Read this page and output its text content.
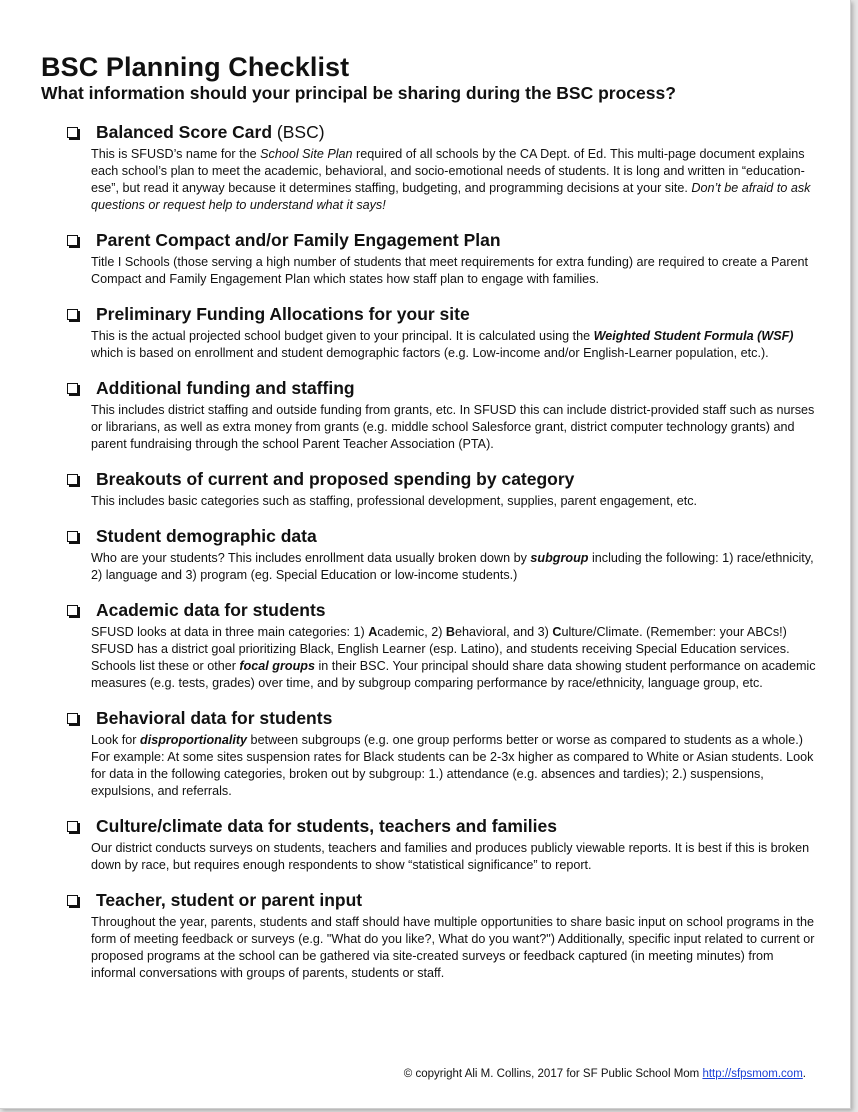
BSC Planning Checklist
What information should your principal be sharing during the BSC process?
Balanced Score Card (BSC)
This is SFUSD’s name for the School Site Plan required of all schools by the CA Dept. of Ed. This multi-page document explains each school’s plan to meet the academic, behavioral, and socio-emotional needs of students. It is long and written in “education-ese”, but read it anyway because it determines staffing, budgeting, and programming decisions at your site. Don’t be afraid to ask questions or request help to understand what it says!
Parent Compact and/or Family Engagement Plan
Title I Schools (those serving a high number of students that meet requirements for extra funding) are required to create a Parent Compact and Family Engagement Plan which states how staff plan to engage with families.
Preliminary Funding Allocations for your site
This is the actual projected school budget given to your principal. It is calculated using the Weighted Student Formula (WSF) which is based on enrollment and student demographic factors (e.g. Low-income and/or English-Learner population, etc.).
Additional funding and staffing
This includes district staffing and outside funding from grants, etc. In SFUSD this can include district-provided staff such as nurses or librarians, as well as extra money from grants (e.g. middle school Salesforce grant, district computer technology grants) and parent fundraising through the school Parent Teacher Association (PTA).
Breakouts of current and proposed spending by category
This includes basic categories such as staffing, professional development, supplies, parent engagement, etc.
Student demographic data
Who are your students? This includes enrollment data usually broken down by subgroup including the following: 1) race/ethnicity, 2) language and 3) program (eg. Special Education or low-income students.)
Academic data for students
SFUSD looks at data in three main categories: 1) Academic, 2) Behavioral, and 3) Culture/Climate. (Remember: your ABCs!) SFUSD has a district goal prioritizing Black, English Learner (esp. Latino), and students receiving Special Education services. Schools list these or other focal groups in their BSC. Your principal should share data showing student performance on academic measures (e.g. tests, grades) over time, and by subgroup comparing performance by race/ethnicity, language group, etc.
Behavioral data for students
Look for disproportionality between subgroups (e.g. one group performs better or worse as compared to students as a whole.) For example: At some sites suspension rates for Black students can be 2-3x higher as compared to White or Asian students. Look for data in the following categories, broken out by subgroup: 1.) attendance (e.g. absences and tardies); 2.) suspensions, expulsions, and referrals.
Culture/climate data for students, teachers and families
Our district conducts surveys on students, teachers and families and produces publicly viewable reports. It is best if this is broken down by race, but requires enough respondents to show “statistical significance” to report.
Teacher, student or parent input
Throughout the year, parents, students and staff should have multiple opportunities to share basic input on school programs in the form of meeting feedback or surveys (e.g. "What do you like?, What do you want?") Additionally, specific input related to current or proposed programs at the school can be gathered via site-created surveys or feedback captured (in meeting minutes) from informal conversations with groups of parents, students or staff.
© copyright Ali M. Collins, 2017 for SF Public School Mom http://sfpsmom.com.
